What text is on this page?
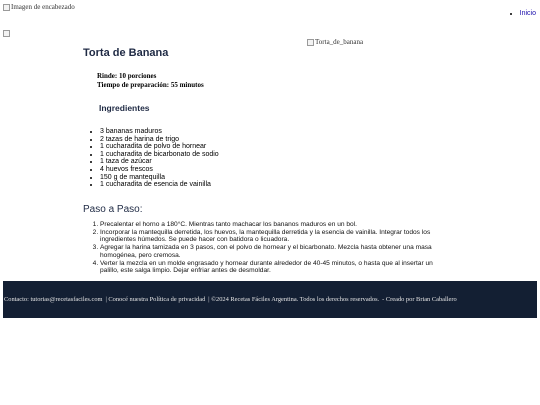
Imagen de encabezado
• Inicio
Torta_de_banana
Torta de Banana
Rinde: 10 porciones
Tiempo de preparación: 55 minutos
Ingredientes
• 3 bananas maduros
• 2 tazas de harina de trigo
• 1 cucharadita de polvo de hornear
• 1 cucharadita de bicarbonato de sodio
• 1 taza de azúcar
• 4 huevos frescos
• 150 g de mantequilla
• 1 cucharadita de esencia de vainilla
Paso a Paso:
1. Precalentar el horno a 180°C. Mientras tanto machacar los bananos maduros en un bol.
2. Incorporar la mantequilla derretida, los huevos, la mantequilla derretida y la esencia de vainilla. Integrar todos los ingredientes húmedos. Se puede hacer con batidora o licuadora.
3. Agregar la harina tamizada en 3 pasos, con el polvo de hornear y el bicarbonato. Mezcla hasta obtener una masa homogénea, pero cremosa.
4. Verter la mezcla en un molde engrasado y hornear durante alrededor de 40-45 minutos, o hasta que al insertar un palillo, este salga limpio. Dejar enfriar antes de desmoldar.
Contacto: tutorias@recetasfaciles.com | Conocé nuestra Política de privacidad | ©2024 Recetas Fáciles Argentina. Todos los derechos reservados. - Creado por Brian Caballero
